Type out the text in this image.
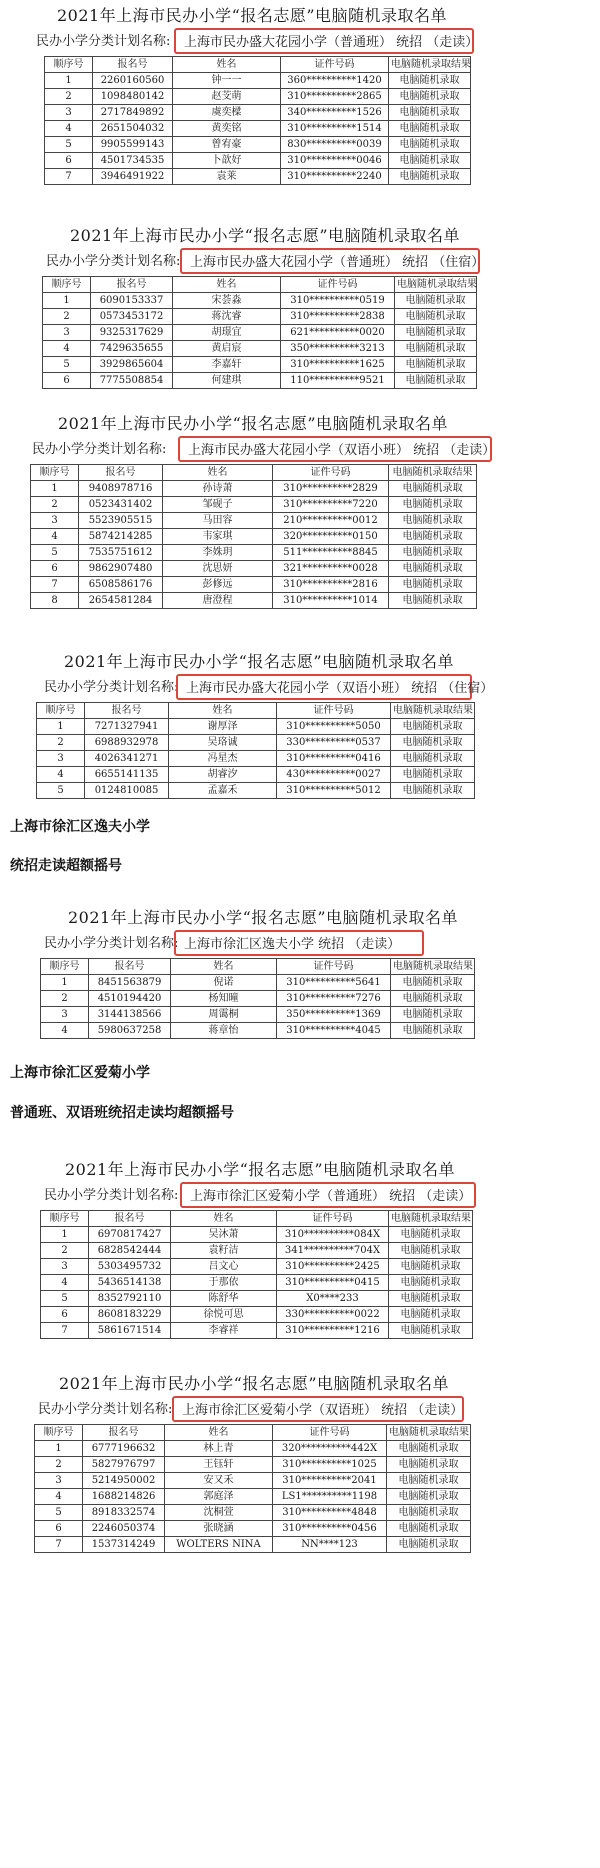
2021年上海市民办小学“报名志愿”电脑随机录取名单
民办小学分类计划名称:	上海市民办盛大花园小学（普通班） 统招 （走读）
顺序号	报名号	姓名	证件号码	电脑随机录取结果
1	2260160560	钟一一	360**********1420	电脑随机录取
2	1098480142	赵芠萌	310**********2865	电脑随机录取
3	2717849892	虞奕樑	340**********1526	电脑随机录取
4	2651504032	黄奕铭	310**********1514	电脑随机录取
5	9905599143	曾宥豪	830**********0039	电脑随机录取
6	4501734535	卜歆好	310**********0046	电脑随机录取
7	3946491922	袁莱	310**********2240	电脑随机录取
2021年上海市民办小学“报名志愿”电脑随机录取名单
民办小学分类计划名称: 上海市民办盛大花园小学（普通班） 统招 （住宿）
顺序号	报名号	姓名	证件号码	电脑随机录取结果
1	6090153337	宋荟淼	310**********0519	电脑随机录取
2	0573453172	蒋沈睿	310**********2838	电脑随机录取
3	9325317629	胡璟宜	621**********0020	电脑随机录取
4	7429635655	黄启宸	350**********3213	电脑随机录取
5	3929865604	李嘉轩	310**********1625	电脑随机录取
6	7775508854	何建琪	110**********9521	电脑随机录取
2021年上海市民办小学“报名志愿”电脑随机录取名单
民办小学分类计划名称:	上海市民办盛大花园小学（双语小班） 统招 （走读）
顺序号	报名号	姓名	证件号码	电脑随机录取结果
1	9408978716	孙诗萧	310**********2829	电脑随机录取
2	0523431402	邹砚子	310**********7220	电脑随机录取
3	5523905515	马田容	210**********0012	电脑随机录取
4	5874214285	韦家琪	320**********0150	电脑随机录取
5	7535751612	李姝玥	511**********8845	电脑随机录取
6	9862907480	沈思妍	321**********0028	电脑随机录取
7	6508586176	彭修远	310**********2816	电脑随机录取
8	2654581284	唐澄程	310**********1014	电脑随机录取
2021年上海市民办小学“报名志愿”电脑随机录取名单
民办小学分类计划名称: 上海市民办盛大花园小学（双语小班） 统招 （住宿）
顺序号	报名号	姓名	证件号码	电脑随机录取结果
1	7271327941	谢厚泽	310**********5050	电脑随机录取
2	6988932978	吴珞诚	330**********0537	电脑随机录取
3	4026341271	冯星杰	310**********0416	电脑随机录取
4	6655141135	胡睿汐	430**********0027	电脑随机录取
5	0124810085	孟嘉禾	310**********5012	电脑随机录取
上海市徐汇区逸夫小学
统招走读超额摇号
2021年上海市民办小学“报名志愿”电脑随机录取名单
民办小学分类计划名称: 上海市徐汇区逸夫小学 统招 （走读）
顺序号	报名号	姓名	证件号码	电脑随机录取结果
1	8451563879	倪诺	310**********5641	电脑随机录取
2	4510194420	杨知曈	310**********7276	电脑随机录取
3	3144138566	周霭桐	350**********1369	电脑随机录取
4	5980637258	蒋章怡	310**********4045	电脑随机录取
上海市徐汇区爱菊小学
普通班、双语班统招走读均超额摇号
2021年上海市民办小学“报名志愿”电脑随机录取名单
民办小学分类计划名称: 上海市徐汇区爱菊小学（普通班） 统招 （走读）
顺序号	报名号	姓名	证件号码	电脑随机录取结果
1	6970817427	吴沐萧	310**********084X	电脑随机录取
2	6828542444	袁籽洁	341**********704X	电脑随机录取
3	5303495732	吕文心	310**********2425	电脑随机录取
4	5436514138	于那依	310**********0415	电脑随机录取
5	8352792110	陈舒华	X0****233	电脑随机录取
6	8608183229	徐悦可思	330**********0022	电脑随机录取
7	5861671514	李睿祥	310**********1216	电脑随机录取
2021年上海市民办小学“报名志愿”电脑随机录取名单
民办小学分类计划名称: 上海市徐汇区爱菊小学（双语班） 统招 （走读）
顺序号	报名号	姓名	证件号码	电脑随机录取结果
1	6777196632	林上青	320**********442X	电脑随机录取
2	5827976797	王钰轩	310**********1025	电脑随机录取
3	5214950002	安又禾	310**********2041	电脑随机录取
4	1688214826	郭庭泽	LS1**********1198	电脑随机录取
5	8918332574	沈桐萱	310**********4848	电脑随机录取
6	2246050374	张晓涵	310**********0456	电脑随机录取
7	1537314249	WOLTERS NINA	NN****123	电脑随机录取
